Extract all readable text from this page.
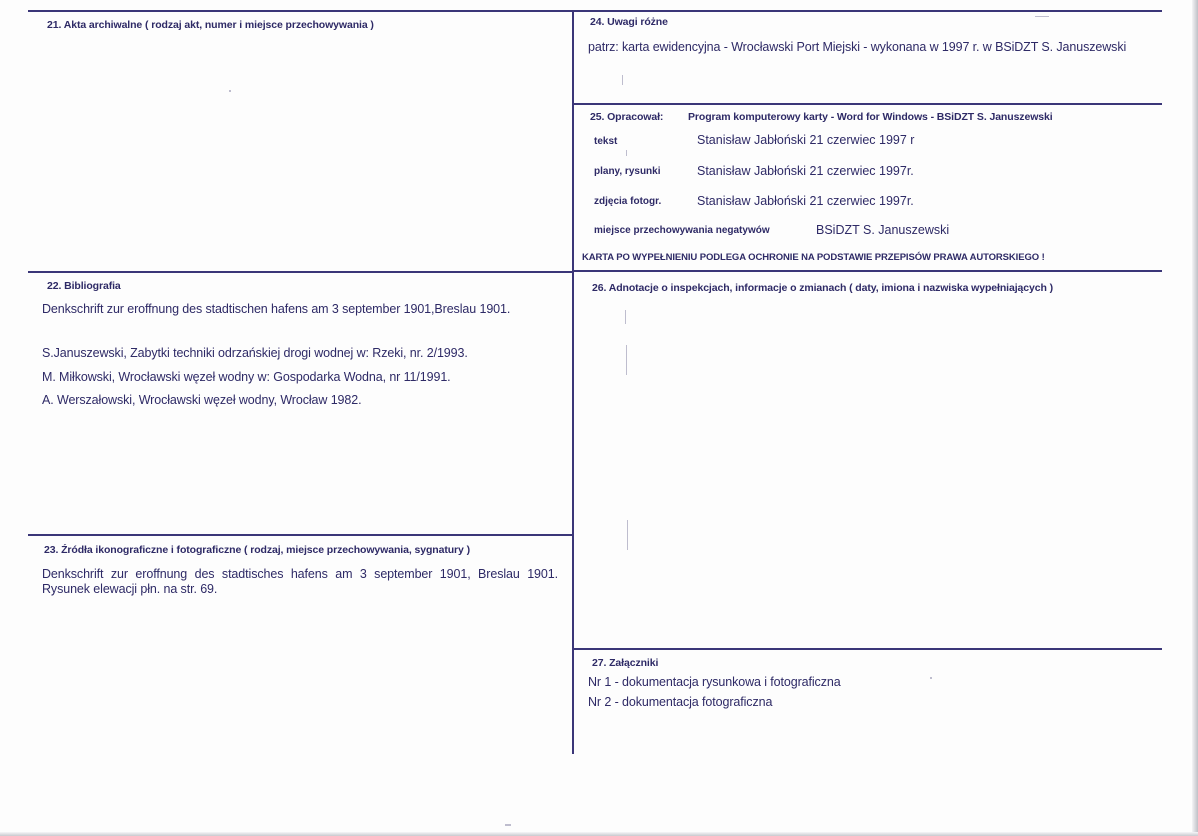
21. Akta archiwalne ( rodzaj akt, numer i miejsce przechowywania )
22. Bibliografia
Denkschrift zur eroffnung des stadtischen hafens am 3 september 1901,Breslau 1901.
S.Januszewski, Zabytki techniki odrzańskiej drogi wodnej w: Rzeki, nr. 2/1993.
M. Miłkowski, Wrocławski węzeł wodny w: Gospodarka Wodna, nr 11/1991.
A. Werszałowski, Wrocławski węzeł wodny, Wrocław 1982.
23. Źródła ikonograficzne i fotograficzne ( rodzaj, miejsce przechowywania, sygnatury )
Denkschrift zur eroffnung des stadtisches hafens am 3 september 1901, Breslau 1901. Rysunek elewacji płn. na str. 69.
24. Uwagi różne
patrz: karta ewidencyjna - Wrocławski Port Miejski - wykonana w 1997 r. w BSiDZT S. Januszewski
25. Opracował: Program komputerowy karty - Word for Windows - BSiDZT S. Januszewski
tekst	Stanisław Jabłoński 21 czerwiec 1997 r
plany, rysunki	Stanisław Jabłoński 21 czerwiec 1997r.
zdjęcia fotogr.	Stanisław Jabłoński 21 czerwiec 1997r.
miejsce przechowywania negatywów	BSiDZT S. Januszewski
KARTA PO WYPEŁNIENIU PODLEGA OCHRONIE NA PODSTAWIE PRZEPISÓW PRAWA AUTORSKIEGO !
26. Adnotacje o inspekcjach, informacje o zmianach ( daty, imiona i nazwiska wypełniających )
27. Załączniki
Nr 1 - dokumentacja rysunkowa i fotograficzna
Nr 2 - dokumentacja fotograficzna
